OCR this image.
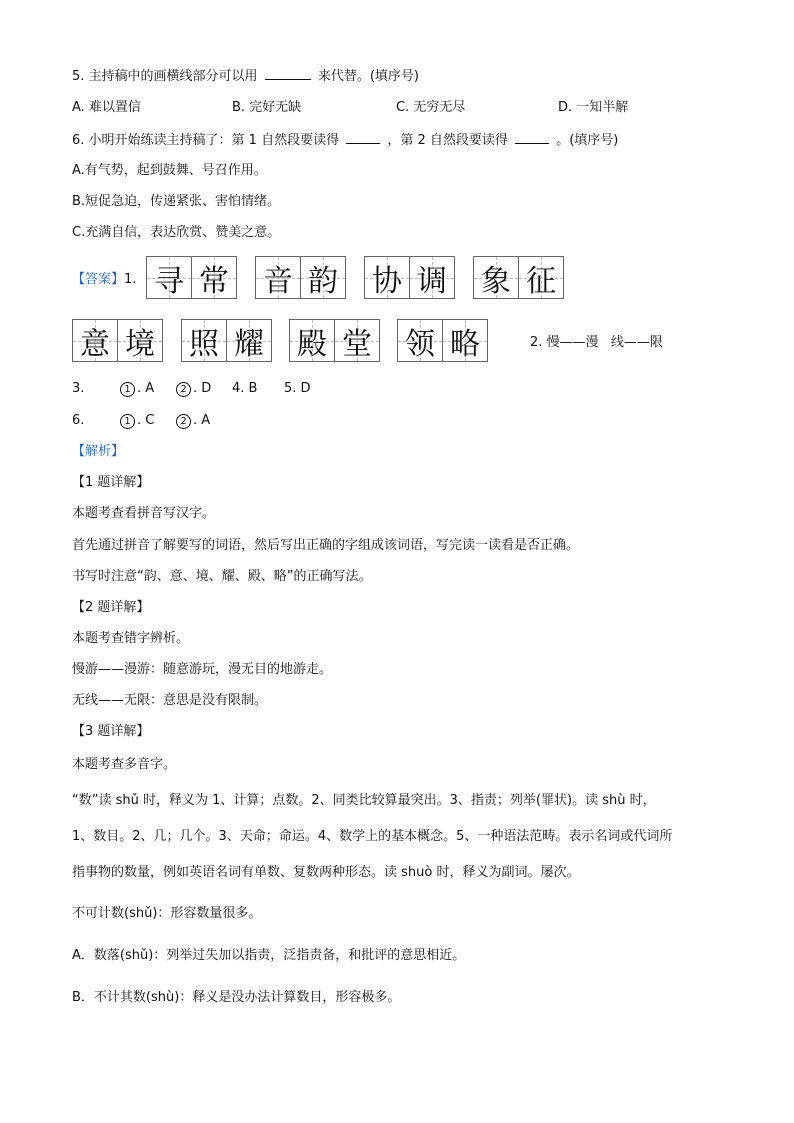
5. 主持稿中的画横线部分可以用	来代替。(填序号)
A. 难以置信	B. 完好无缺	C. 无穷无尽	D. 一知半解
6. 小明开始练读主持稿了：第 1 自然段要读得	，第 2 自然段要读得	。(填序号)
A.有气势，起到鼓舞、号召作用。
B.短促急迫，传递紧张、害怕情绪。
C.充满自信，表达欣赏、赞美之意。
【答案】1. 寻 常 音 韵 协 调 象 征
意 境 照 耀 殿 堂 领 略	2. 慢——漫   线——限
3.	1 . A	2 . D 4. B 5. D
6.	1 . C	2 . A
【解析】
【1 题详解】
本题考查看拼音写汉字。
首先通过拼音了解要写的词语，然后写出正确的字组成该词语，写完读一读看是否正确。
书写时注意“韵、意、境、耀、殿、略”的正确写法。
【2 题详解】
本题考查错字辨析。
慢游——漫游：随意游玩，漫无目的地游走。
无线——无限：意思是没有限制。
【3 题详解】
本题考查多音字。
“数”读 shǔ 时，释义为 1、计算；点数。2、同类比较算最突出。3、指责；列举(罪状)。读 shù 时，
1、数目。2、几；几个。3、天命；命运。4、数学上的基本概念。5、一种语法范畴。表示名词或代词所
指事物的数量，例如英语名词有单数、复数两种形态。读 shuò 时，释义为副词。屡次。
不可计数(shǔ)：形容数量很多。
A．数落(shǔ)：列举过失加以指责，泛指责备，和批评的意思相近。
B．不计其数(shù)：释义是没办法计算数目，形容极多。
